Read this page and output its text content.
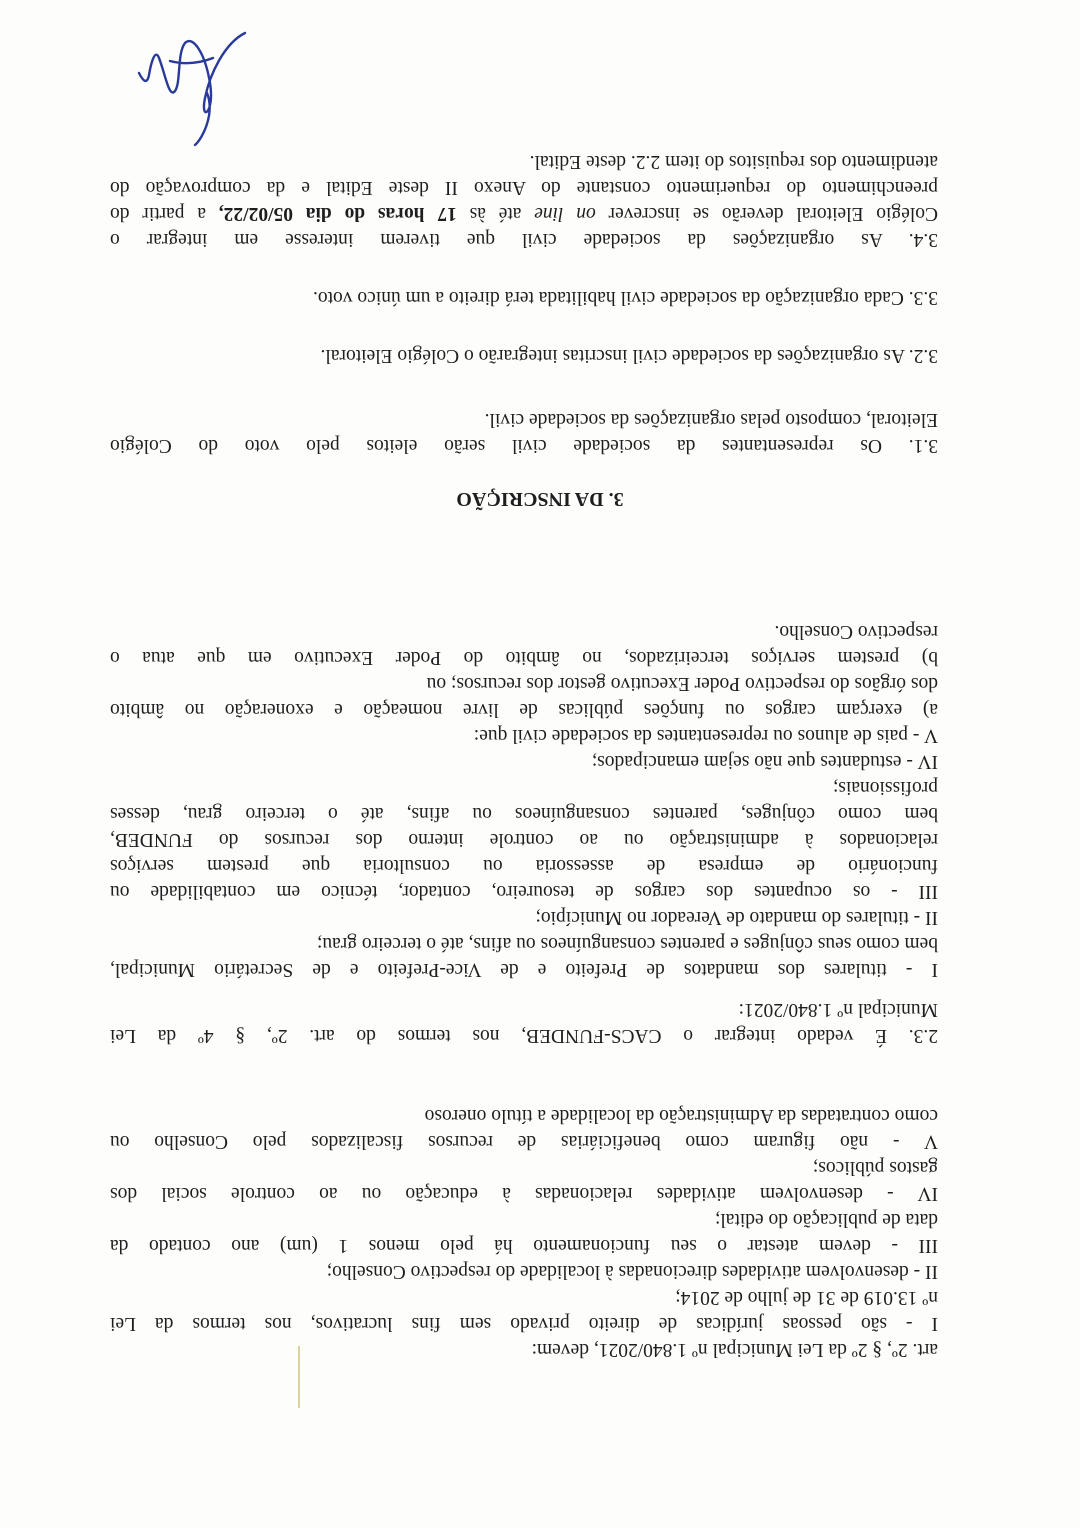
art. 2º, § 2º da Lei Municipal nº 1.840/2021, devem:

I - são pessoas jurídicas de direito privado sem fins lucrativos, nos termos da Lei

nº 13.019 de 31 de julho de 2014;

II - desenvolvem atividades direcionadas à localidade do respectivo Conselho;

III - devem atestar o seu funcionamento há pelo menos 1 (um) ano contado da

data de publicação do edital;

IV - desenvolvem atividades relacionadas à educação ou ao controle social dos

gastos públicos;

V - não figuram como beneficiárias de recursos fiscalizados pelo Conselho ou

como contratadas da Administração da localidade a título oneroso

2.3. É vedado integrar o CACS-FUNDEB, nos termos do art. 2º, § 4º da Lei

Municipal nº 1.840/2021:

I - titulares dos mandatos de Prefeito e de Vice-Prefeito e de Secretário Municipal,

bem como seus cônjuges e parentes consanguíneos ou afins, até o terceiro grau;

II - titulares do mandato de Vereador no Município;

III - os ocupantes dos cargos de tesoureiro, contador, técnico em contabilidade ou

funcionário de empresa de assessoria ou consultoria que prestem serviços

relacionados à administração ou ao controle interno dos recursos do FUNDEB,

bem como cônjuges, parentes consanguíneos ou afins, até o terceiro grau, desses

profissionais;

IV - estudantes que não sejam emancipados;

V - pais de alunos ou representantes da sociedade civil que:

a) exerçam cargos ou funções públicas de livre nomeação e exoneração no âmbito

dos órgãos do respectivo Poder Executivo gestor dos recursos; ou

b) prestem serviços terceirizados, no âmbito do Poder Executivo em que atua o

respectivo Conselho.

3. DA INSCRIÇÃO

3.1. Os representantes da sociedade civil serão eleitos pelo voto do Colégio

Eleitoral, composto pelas organizações da sociedade civil.

3.2. As organizações da sociedade civil inscritas integrarão o Colégio Eleitoral.
3.3. Cada organização da sociedade civil habilitada terá direito a um único voto.

3.4. As organizações da sociedade civil que tiverem interesse em integrar o

Colégio Eleitoral deverão se inscrever on line até às 17 horas do dia 05/02/22, a partir do

preenchimento do requerimento constante do Anexo II deste Edital e da comprovação do

atendimento dos requisitos do item 2.2. deste Edital.
